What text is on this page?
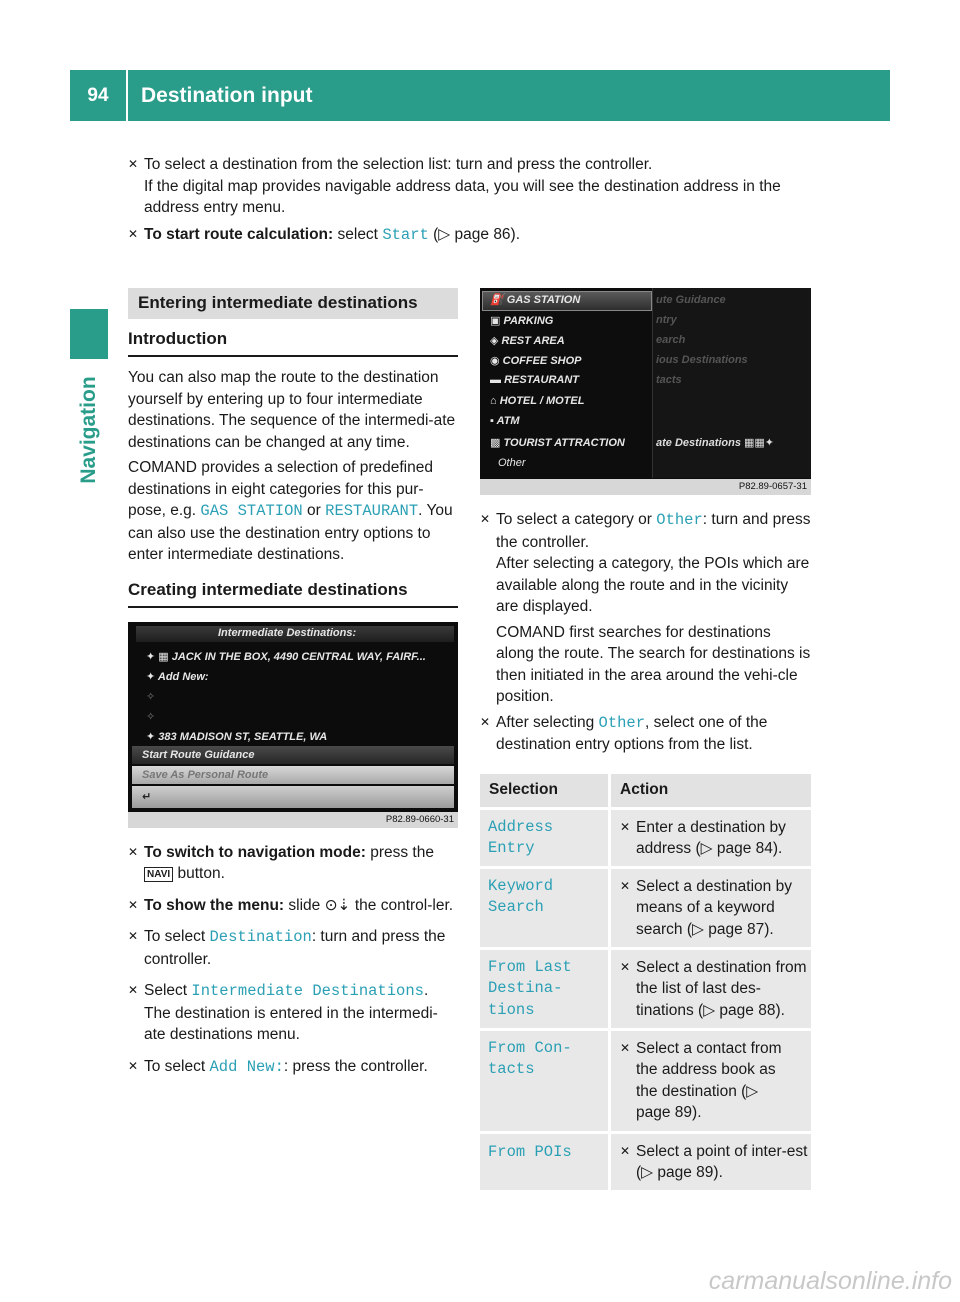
94	Destination input
Navigation
✕ To select a destination from the selection list: turn and press the controller.
If the digital map provides navigable address data, you will see the destination address in the address entry menu.
✕ To start route calculation: select Start (▷ page 86).
Entering intermediate destinations
Introduction
You can also map the route to the destination yourself by entering up to four intermediate destinations. The sequence of the intermedi-ate destinations can be changed at any time.
COMAND provides a selection of predefined destinations in eight categories for this pur-pose, e.g. GAS STATION or RESTAURANT. You can also use the destination entry options to enter intermediate destinations.
Creating intermediate destinations
Intermediate Destinations:
✦ ▦ JACK IN THE BOX, 4490 CENTRAL WAY, FAIRF...
✦ Add New:
✧
✧
✦ 383 MADISON ST, SEATTLE, WA
Start Route Guidance
Save As Personal Route
↵
P82.89-0660-31
✕ To switch to navigation mode: press the
NAVI button.
✕ To show the menu: slide ⊙⇣ the control-ler.
✕ To select Destination: turn and press the controller.
✕ Select Intermediate Destinations.
The destination is entered in the intermedi-ate destinations menu.
✕ To select Add New:: press the controller.
ute Guidance
ntry
earch
ious Destinations
tacts
ate Destinations ▦▦✦
⛽ GAS STATION
▣ PARKING
◈ REST AREA
◉ COFFEE SHOP
▬ RESTAURANT
⌂ HOTEL / MOTEL
▪ ATM
▩ TOURIST ATTRACTION
Other
P82.89-0657-31
✕ To select a category or Other: turn and press the controller.
After selecting a category, the POIs which are available along the route and in the vicinity are displayed.
COMAND first searches for destinations along the route. The search for destinations is then initiated in the area around the vehi-cle position.
✕ After selecting Other, select one of the destination entry options from the list.
Selection	Action

Address Entry	✕ Enter a destination by address (▷ page 84).

Keyword Search	✕ Select a destination by means of a keyword search (▷ page 87).

From Last Destina‐ tions	✕ Select a destination from the list of last des-tinations (▷ page 88).

From Con‐ tacts	✕ Select a contact from the address book as the destination (▷ page 89).

From POIs	✕ Select a point of inter-est (▷ page 89).
carmanualsonline.info
